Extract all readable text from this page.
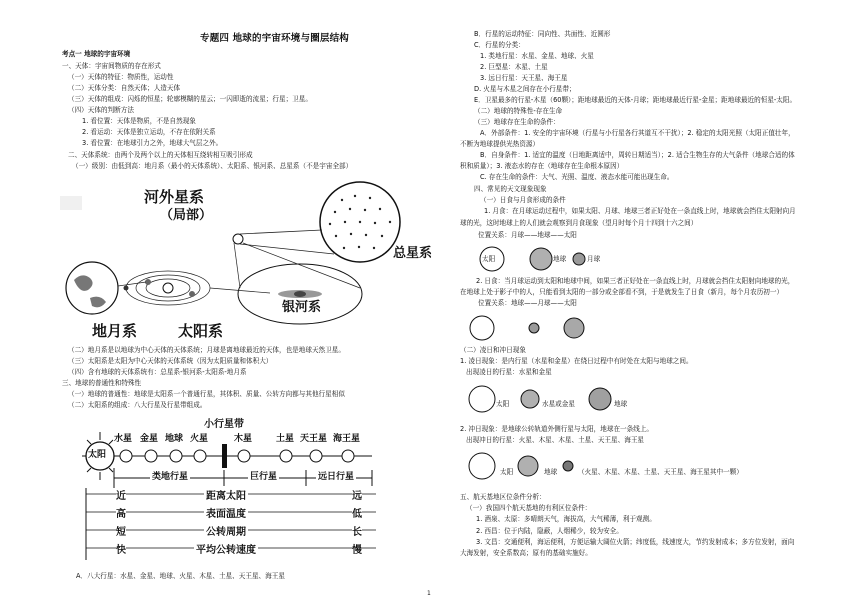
专题四 地球的宇宙环境与圈层结构
考点一 地球的宇宙环境
一、天体：宇宙间物质的存在形式
（一）天体的特征：物质性，运动性
（二）天体分类：自然天体；人造天体
（三）天体的组成：闪烁的恒星；轮廓模糊的星云；一闪即逝的流星；行星；卫星。
（四）天体的判断方法
1. 看位置：天体是物质，不是自然现象
2. 看运动：天体是独立运动，不存在依附关系
3. 看位置：在地球引力之外，地球大气层之外。
二、天体系统：由两个及两个以上的天体相互绕转相互吸引形成
（一）级别：由低到高：地月系（最小的天体系统）、太阳系、银河系、总星系（不是宇宙全部）
河外星系
（局部）
总星系
银河系
地月系	太阳系
（二）地月系是以地球为中心天体的天体系统；月球是离地球最近的天体，也是地球天然卫星。
（三）太阳系是太阳为中心天体的天体系统（因为太阳质量和体积大）
（四）含有地球的天体系统有：总星系-银河系-太阳系-地月系
三、地球的普通性和特殊性
（一）地球的普通性：地球是太阳系一个普通行星，其体积、质量、公转方向都与其他行星相似
（二）太阳系的组成：八大行星及行星带组成。
小行星带
太阳
水星 金星 地球 火星	木星	土星 天王星 海王星
类地行星	巨行星	远日行星
近	距离太阳	远
高	表面温度	低
短	公转周期	长
快	平均公转速度	慢
A．八大行星：水星、金星、地球、火星、木星、土星、天王星、海王星
B．行星的运动特征：同向性、共面性、近圆形
C．行星的分类：
1. 类地行星：水星、金星、地球、火星
2. 巨型星：木星、土星
3. 远日行星：天王星、海王星
D. 火星与木星之间存在小行星带；
E．卫星最多的行星-木星（60颗）；距地球最近的天体-月球；距地球最近行星-金星；距地球最近的恒星-太阳。
（二）地球的特殊性-存在生命
（三）地球存在生命的条件：
A．外部条件：1. 安全的宇宙环境（行星与小行星各行其道互不干扰）；2. 稳定的太阳光照（太阳正值壮年，
不断为地球提供光热资源）
B．自身条件：1. 适宜的温度（日地距离适中，周转日期适当）；2. 适合生物生存的大气条件（地球合适的体
积和质量）；3. 液态水的存在（地球存在生命根本原因）
C. 存在生命的条件：大气、光照、温度、液态水能可能出现生命。
四、常见的天文现象现象
（一）日食与月食形成的条件
1. 月食：在月球运动过程中，如果太阳、月球、地球三者正好处在一条直线上时，地球就会挡住太阳射向月
球的光，这时地球上的人们就会观察到月食现象（望月时每个月十四到十六之间）
位置关系：月球——地球——太阳
太阳	地球	月球
2. 日食：当月球运动到太阳和地球中间，如果三者正好处在一条直线上时，月球就会挡住太阳射向地球的光，
在地球上处于影子中的人，只能看到太阳的一部分或全部看不到，于是就发生了日食（新月，每个月农历初一）
位置关系：地球——月球——太阳
（二）凌日和冲日现象
1. 凌日现象：是内行星（水星和金星）在绕日过程中有时处在太阳与地球之间。
出现凌日的行星：水星和金星
太阳	水星或金星	地球
2. 冲日现象：是地球公转轨道外侧行星与太阳，地球在一条线上。
出现冲日的行星：火星、木星、木星、土星、天王星、海王星
太阳	地球	（火星、木星、木星、土星、天王星、海王星其中一颗）
五、航天基地区位条件分析：
（一）我国四个航天基地的有利区位条件：
1. 酒泉、太原：多晴朗天气，海拔高，大气稀薄，利于观测。
2. 西昌：位于内陆，隐蔽，人烟稀少，较为安全。
3. 文昌：交通便利，海运便利，方便运输大阔位火箭；纬度低，线速度大，节约发射成本；多方位发射，面向
大海发射，安全系数高；原有的基础实施好。
1
